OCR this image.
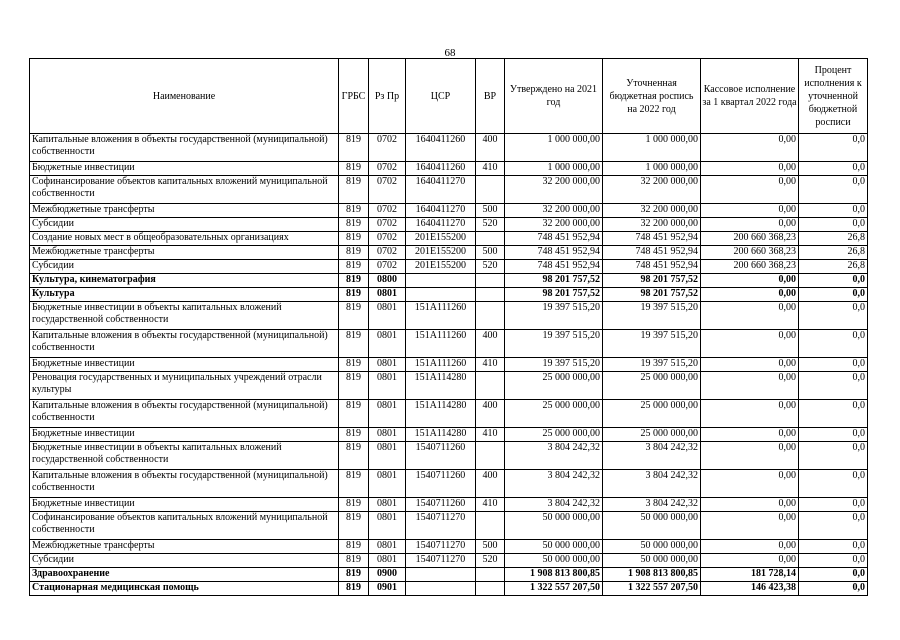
68
Наименование	ГРБС	Рз Пр	ЦСР	ВР	Утверждено на 2021 год	Уточненная бюджетная роспись на 2022 год	Кассовое исполнение за 1 квартал 2022 года	Процент исполнения к уточненной бюджетной росписи
Капитальные вложения в объекты государственной (муниципальной) собственности	819	0702	1640411260	400	1 000 000,00	1 000 000,00	0,00	0,0
Бюджетные инвестиции	819	0702	1640411260	410	1 000 000,00	1 000 000,00	0,00	0,0
Софинансирование объектов капитальных вложений муниципальной собственности	819	0702	1640411270		32 200 000,00	32 200 000,00	0,00	0,0
Межбюджетные трансферты	819	0702	1640411270	500	32 200 000,00	32 200 000,00	0,00	0,0
Субсидии	819	0702	1640411270	520	32 200 000,00	32 200 000,00	0,00	0,0
Создание новых мест в общеобразовательных организациях	819	0702	201E155200		748 451 952,94	748 451 952,94	200 660 368,23	26,8
Межбюджетные трансферты	819	0702	201E155200	500	748 451 952,94	748 451 952,94	200 660 368,23	26,8
Субсидии	819	0702	201E155200	520	748 451 952,94	748 451 952,94	200 660 368,23	26,8
Культура, кинематография	819	0800			98 201 757,52	98 201 757,52	0,00	0,0
Культура	819	0801			98 201 757,52	98 201 757,52	0,00	0,0
Бюджетные инвестиции в объекты капитальных вложений государственной собственности	819	0801	151A111260		19 397 515,20	19 397 515,20	0,00	0,0
Капитальные вложения в объекты государственной (муниципальной) собственности	819	0801	151A111260	400	19 397 515,20	19 397 515,20	0,00	0,0
Бюджетные инвестиции	819	0801	151A111260	410	19 397 515,20	19 397 515,20	0,00	0,0
Реновация государственных и муниципальных учреждений отрасли культуры	819	0801	151A114280		25 000 000,00	25 000 000,00	0,00	0,0
Капитальные вложения в объекты государственной (муниципальной) собственности	819	0801	151A114280	400	25 000 000,00	25 000 000,00	0,00	0,0
Бюджетные инвестиции	819	0801	151A114280	410	25 000 000,00	25 000 000,00	0,00	0,0
Бюджетные инвестиции в объекты капитальных вложений государственной собственности	819	0801	1540711260		3 804 242,32	3 804 242,32	0,00	0,0
Капитальные вложения в объекты государственной (муниципальной) собственности	819	0801	1540711260	400	3 804 242,32	3 804 242,32	0,00	0,0
Бюджетные инвестиции	819	0801	1540711260	410	3 804 242,32	3 804 242,32	0,00	0,0
Софинансирование объектов капитальных вложений муниципальной собственности	819	0801	1540711270		50 000 000,00	50 000 000,00	0,00	0,0
Межбюджетные трансферты	819	0801	1540711270	500	50 000 000,00	50 000 000,00	0,00	0,0
Субсидии	819	0801	1540711270	520	50 000 000,00	50 000 000,00	0,00	0,0
Здравоохранение	819	0900			1 908 813 800,85	1 908 813 800,85	181 728,14	0,0
Стационарная медицинская помощь	819	0901			1 322 557 207,50	1 322 557 207,50	146 423,38	0,0
